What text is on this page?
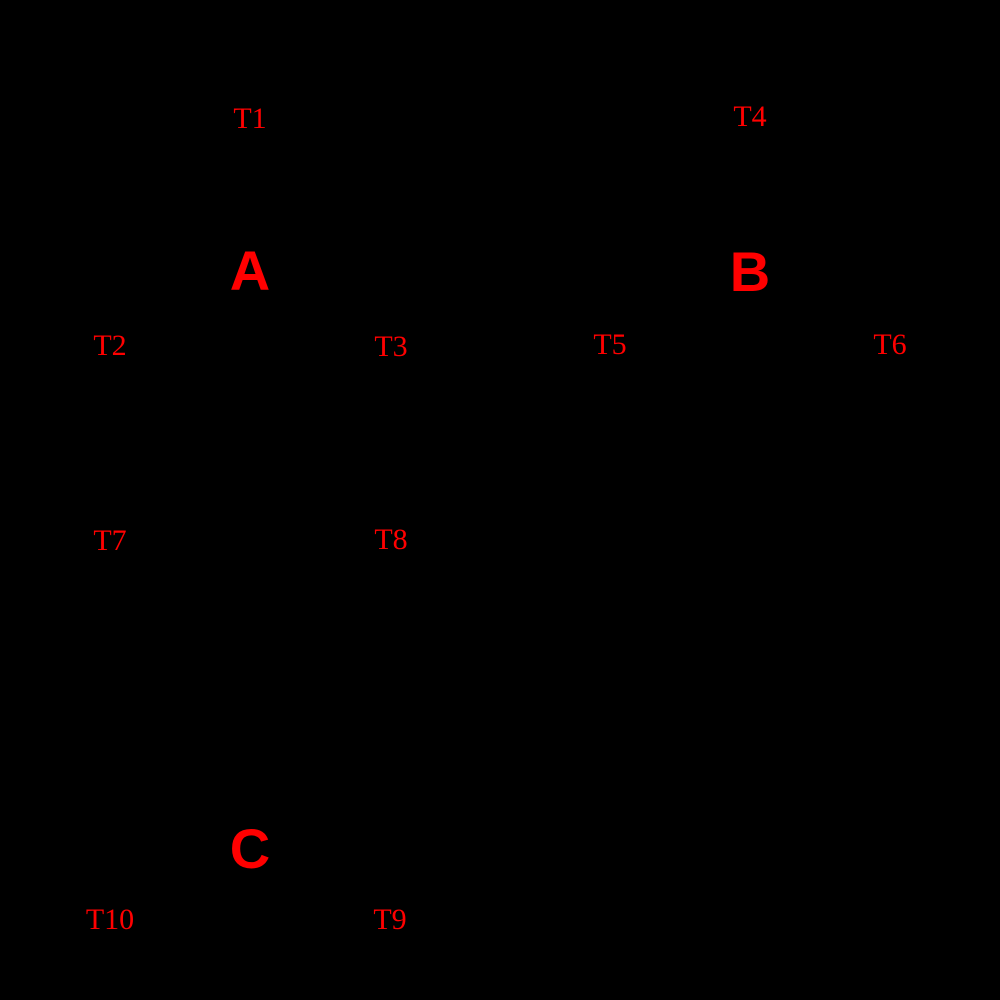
A	B
C
T1
T2	T3
T4
T5	T6
T7	T8
T9
T10
